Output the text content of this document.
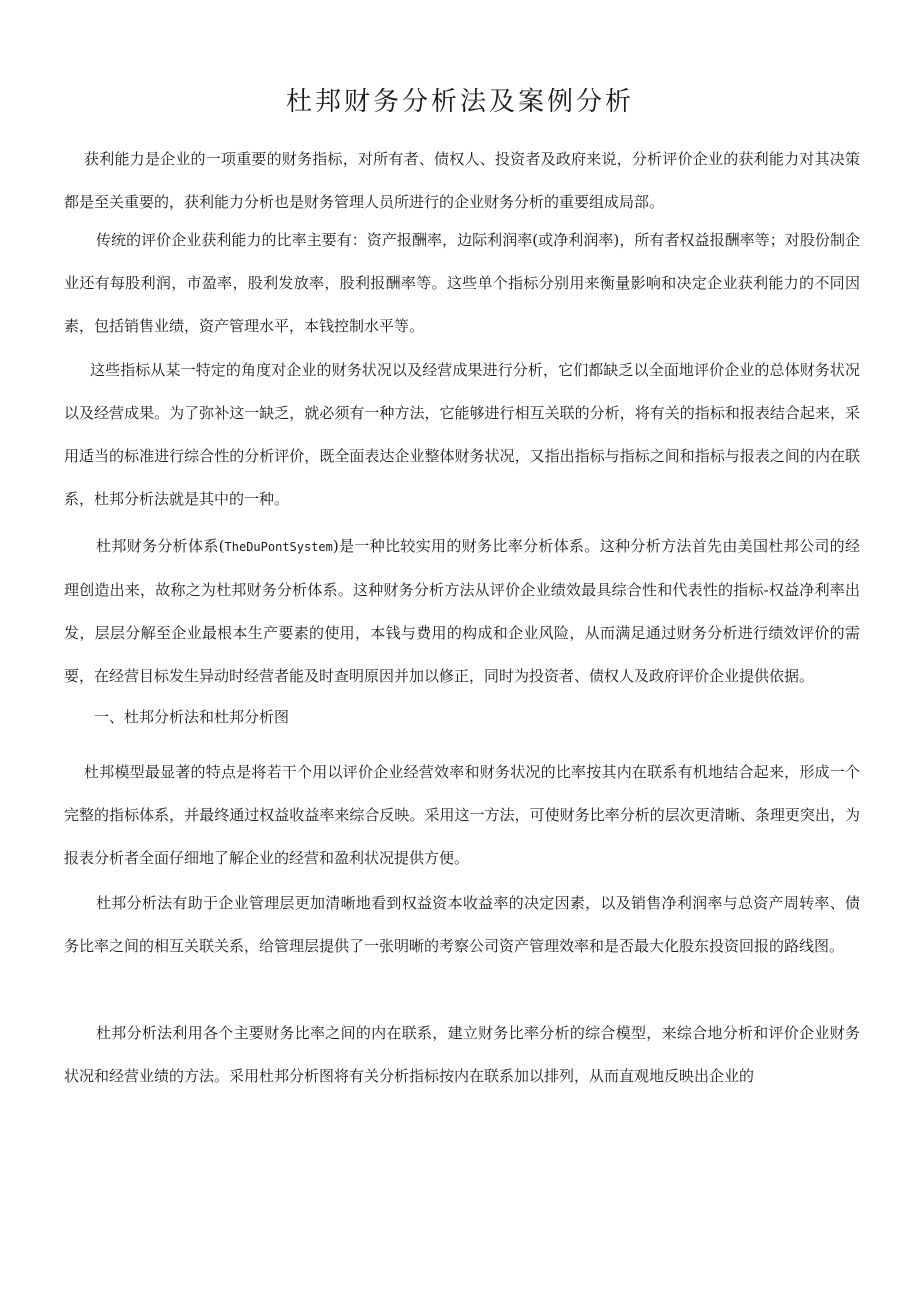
杜邦财务分析法及案例分析

获利能力是企业的一项重要的财务指标，对所有者、债权人、投资者及政府来说，分析评价企业的获利能力对其决策都是至关重要的，获利能力分析也是财务管理人员所进行的企业财务分析的重要组成局部。

传统的评价企业获利能力的比率主要有：资产报酬率，边际利润率(或净利润率)，所有者权益报酬率等；对股份制企业还有每股利润，市盈率，股利发放率，股利报酬率等。这些单个指标分别用来衡量影响和决定企业获利能力的不同因素，包括销售业绩，资产管理水平，本钱控制水平等。

这些指标从某一特定的角度对企业的财务状况以及经营成果进行分析，它们都缺乏以全面地评价企业的总体财务状况以及经营成果。为了弥补这一缺乏，就必须有一种方法，它能够进行相互关联的分析，将有关的指标和报表结合起来，采用适当的标准进行综合性的分析评价，既全面表达企业整体财务状况，又指出指标与指标之间和指标与报表之间的内在联系，杜邦分析法就是其中的一种。

杜邦财务分析体系(TheDuPontSystem)是一种比较实用的财务比率分析体系。这种分析方法首先由美国杜邦公司的经理创造出来，故称之为杜邦财务分析体系。这种财务分析方法从评价企业绩效最具综合性和代表性的指标-权益净利率出发，层层分解至企业最根本生产要素的使用，本钱与费用的构成和企业风险，从而满足通过财务分析进行绩效评价的需要，在经营目标发生异动时经营者能及时查明原因并加以修正，同时为投资者、债权人及政府评价企业提供依据。

一、杜邦分析法和杜邦分析图

杜邦模型最显著的特点是将若干个用以评价企业经营效率和财务状况的比率按其内在联系有机地结合起来，形成一个完整的指标体系，并最终通过权益收益率来综合反映。采用这一方法，可使财务比率分析的层次更清晰、条理更突出，为报表分析者全面仔细地了解企业的经营和盈利状况提供方便。

杜邦分析法有助于企业管理层更加清晰地看到权益资本收益率的决定因素，以及销售净利润率与总资产周转率、债务比率之间的相互关联关系，给管理层提供了一张明晰的考察公司资产管理效率和是否最大化股东投资回报的路线图。

杜邦分析法利用各个主要财务比率之间的内在联系，建立财务比率分析的综合模型，来综合地分析和评价企业财务状况和经营业绩的方法。采用杜邦分析图将有关分析指标按内在联系加以排列，从而直观地反映出企业的
